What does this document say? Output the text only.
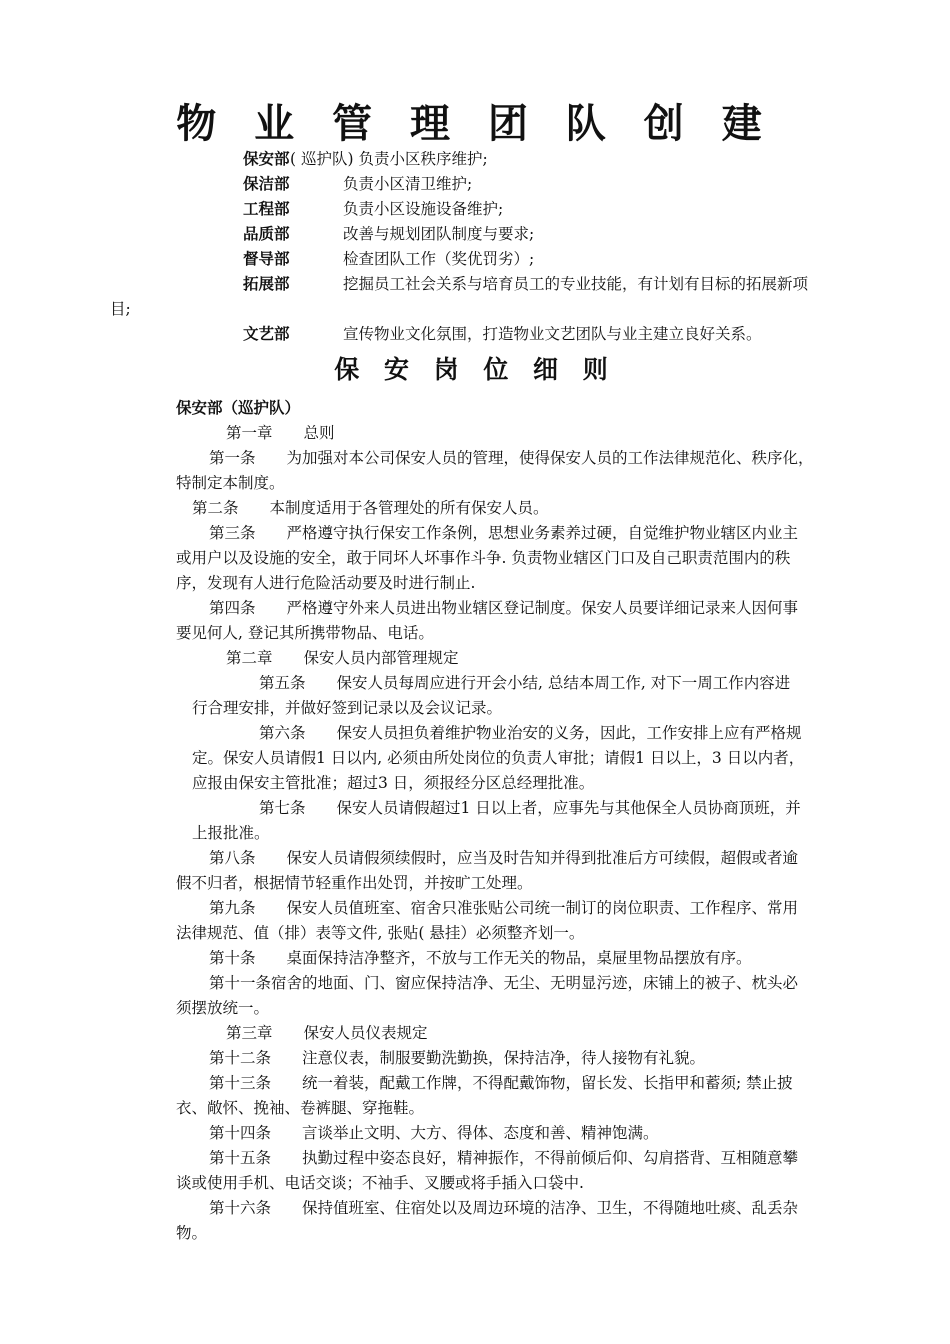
物 业 管 理 团 队 创 建
保安部 ( 巡护队) 负责小区秩序维护;
保洁部	负责小区清卫维护;
工程部	负责小区设施设备维护;
品质部	改善与规划团队制度与要求;
督导部	检查团队工作（奖优罚劣）;
拓展部	挖掘员工社会关系与培育员工的专业技能，有计划有目标的拓展新项
目;
文艺部	宣传物业文化氛围，打造物业文艺团队与业主建立良好关系。
保 安 岗 位 细 则
保安部（巡护队）
第一章　　总则
第一条　　为加强对本公司保安人员的管理，使得保安人员的工作法律规范化、秩序化，
特制定本制度。
第二条　　本制度适用于各管理处的所有保安人员。
第三条　　严格遵守执行保安工作条例，思想业务素养过硬，自觉维护物业辖区内业主
或用户以及设施的安全，敢于同坏人坏事作斗争. 负责物业辖区门口及自己职责范围内的秩
序，发现有人进行危险活动要及时进行制止.
第四条　　严格遵守外来人员进出物业辖区登记制度。保安人员要详细记录来人因何事
要见何人, 登记其所携带物品、电话。
第二章　　保安人员内部管理规定
第五条　　保安人员每周应进行开会小结, 总结本周工作, 对下一周工作内容进
行合理安排，并做好签到记录以及会议记录。
第六条　　保安人员担负着维护物业治安的义务，因此，工作安排上应有严格规
定。保安人员请假1 日以内, 必须由所处岗位的负责人审批；请假1 日以上，3 日以内者，
应报由保安主管批准；超过3 日，须报经分区总经理批准。
第七条　　保安人员请假超过1 日以上者，应事先与其他保全人员协商顶班，并
上报批准。
第八条　　保安人员请假须续假时，应当及时告知并得到批准后方可续假，超假或者逾
假不归者，根据情节轻重作出处罚，并按旷工处理。
第九条　　保安人员值班室、宿舍只准张贴公司统一制订的岗位职责、工作程序、常用
法律规范、值（排）表等文件, 张贴( 悬挂）必须整齐划一。
第十条　　桌面保持洁净整齐，不放与工作无关的物品，桌屉里物品摆放有序。
第十一条宿舍的地面、门、窗应保持洁净、无尘、无明显污迹，床铺上的被子、枕头必
须摆放统一。
第三章　　保安人员仪表规定
第十二条　　注意仪表，制服要勤洗勤换，保持洁净，待人接物有礼貌。
第十三条　　统一着装，配戴工作牌，不得配戴饰物，留长发、长指甲和蓄须; 禁止披
衣、敞怀、挽袖、卷裤腿、穿拖鞋。
第十四条　　言谈举止文明、大方、得体、态度和善、精神饱满。
第十五条　　执勤过程中姿态良好，精神振作，不得前倾后仰、勾肩搭背、互相随意攀
谈或使用手机、电话交谈；不袖手、叉腰或将手插入口袋中.
第十六条　　保持值班室、住宿处以及周边环境的洁净、卫生，不得随地吐痰、乱丢杂
物。
